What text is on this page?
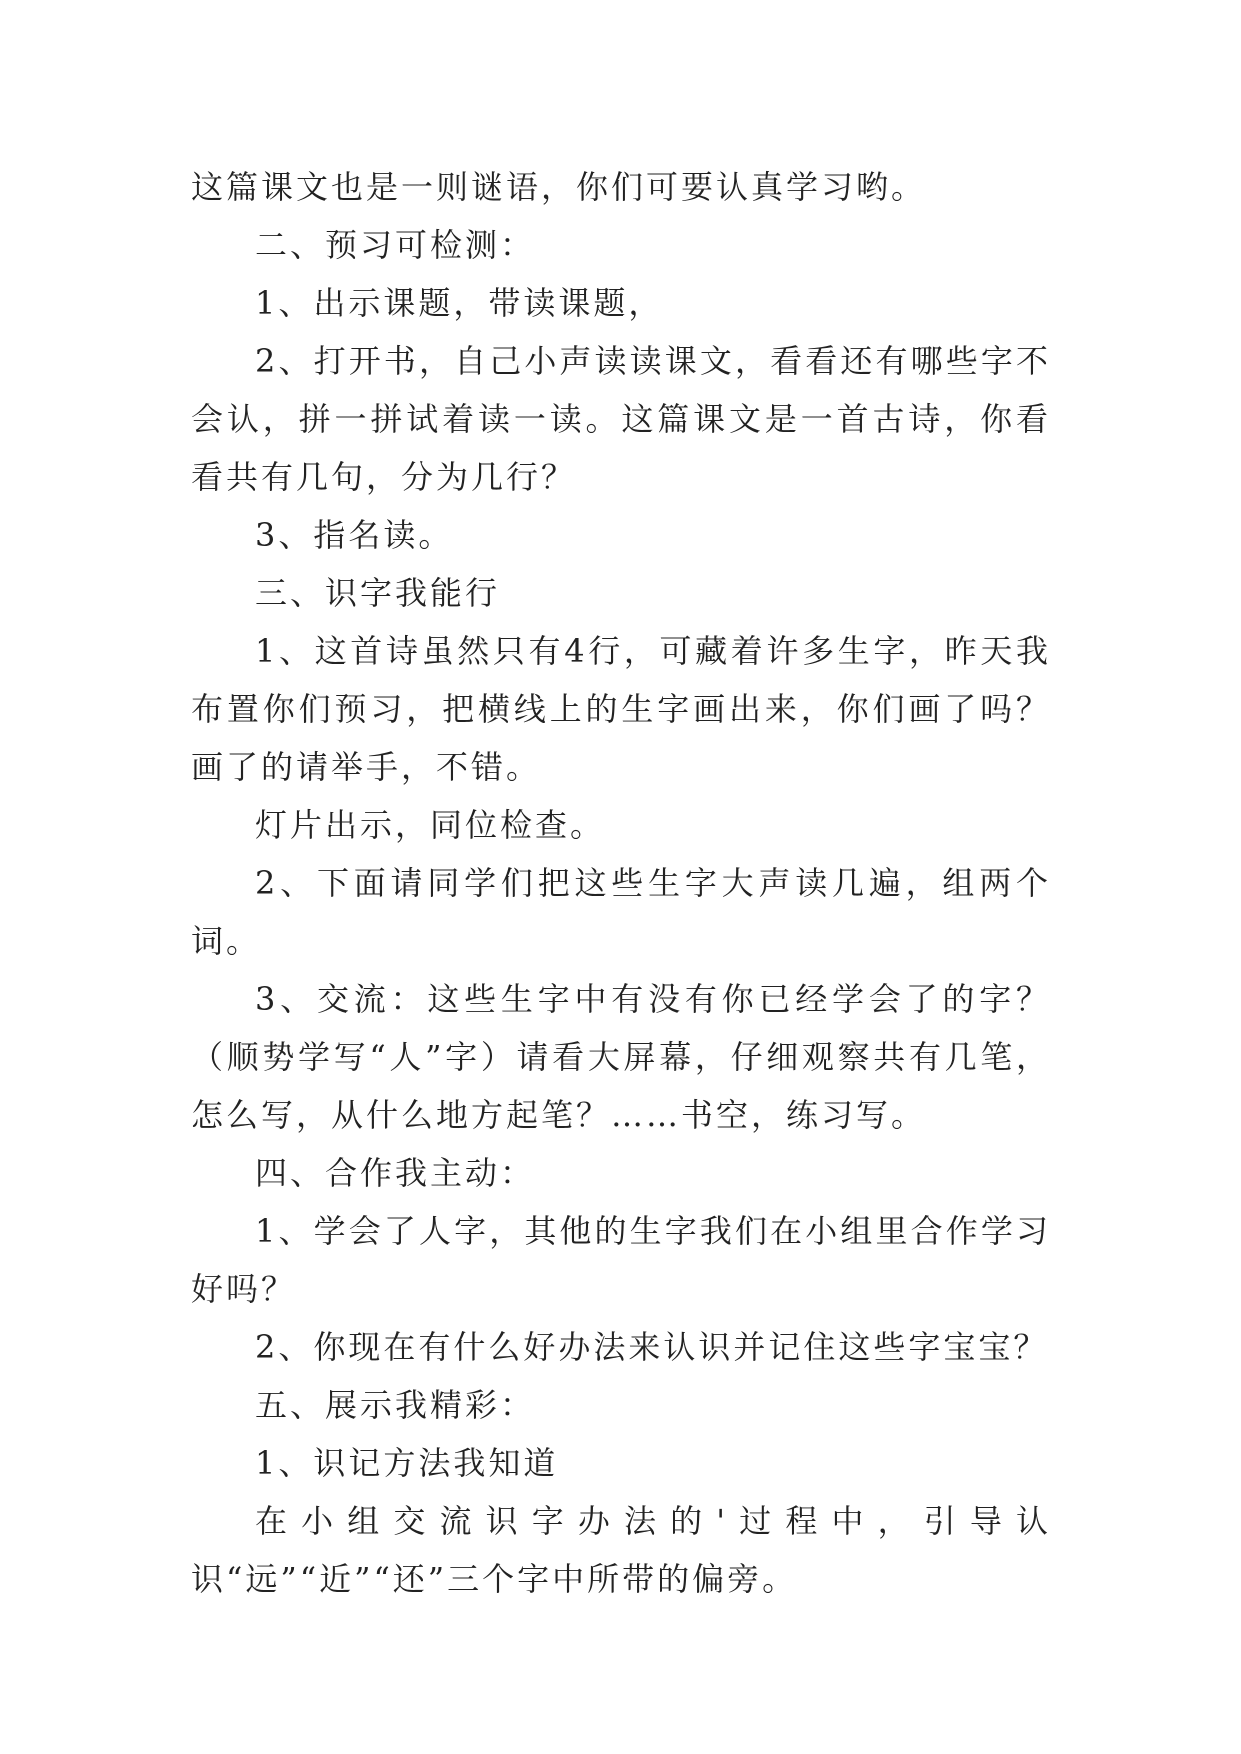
这篇课文也是一则谜语，你们可要认真学习哟。

二、预习可检测：

1、出示课题，带读课题，

2、打开书，自己小声读读课文，看看还有哪些字不会认，拼一拼试着读一读。这篇课文是一首古诗，你看看共有几句，分为几行？

3、指名读。

三、识字我能行

1、这首诗虽然只有4行，可藏着许多生字，昨天我布置你们预习，把横线上的生字画出来，你们画了吗？画了的请举手，不错。

灯片出示，同位检查。

2、下面请同学们把这些生字大声读几遍，组两个词。

3、交流：这些生字中有没有你已经学会了的字？（顺势学写“人”字）请看大屏幕，仔细观察共有几笔，怎么写，从什么地方起笔？……书空，练习写。

四、合作我主动：

1、学会了人字，其他的生字我们在小组里合作学习好吗？

2、你现在有什么好办法来认识并记住这些字宝宝？

五、展示我精彩：

1、识记方法我知道

在小组交流识字办法的'过程中，引导认识“远”“近”“还”三个字中所带的偏旁。
